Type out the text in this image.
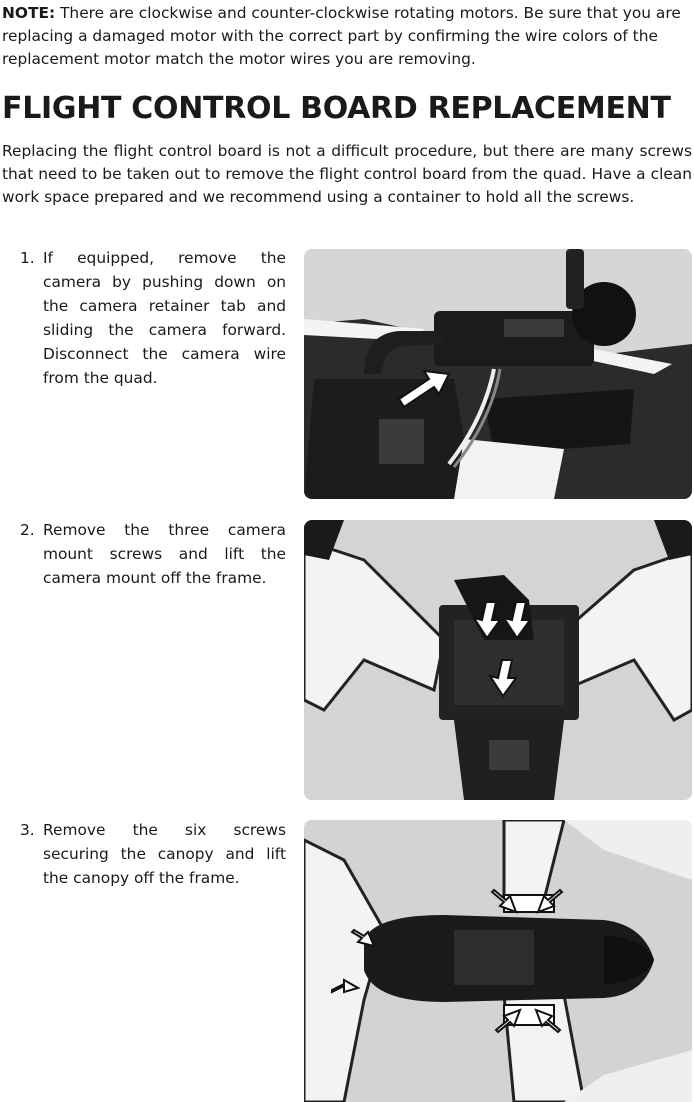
NOTE: There are clockwise and counter-clockwise rotating motors. Be sure that you are replacing a damaged motor with the correct part by confirming the wire colors of the replacement motor match the motor wires you are removing.
FLIGHT CONTROL BOARD REPLACEMENT
Replacing the flight control board is not a difficult procedure, but there are many screws that need to be taken out to remove the flight control board from the quad. Have a clean work space prepared and we recommend using a container to hold all the screws.
1. If equipped, remove the camera by pushing down on the camera retainer tab and sliding the camera forward. Disconnect the camera wire from the quad.
2. Remove the three camera mount screws and lift the camera mount off the frame.
3. Remove the six screws securing the canopy and lift the canopy off the frame.
